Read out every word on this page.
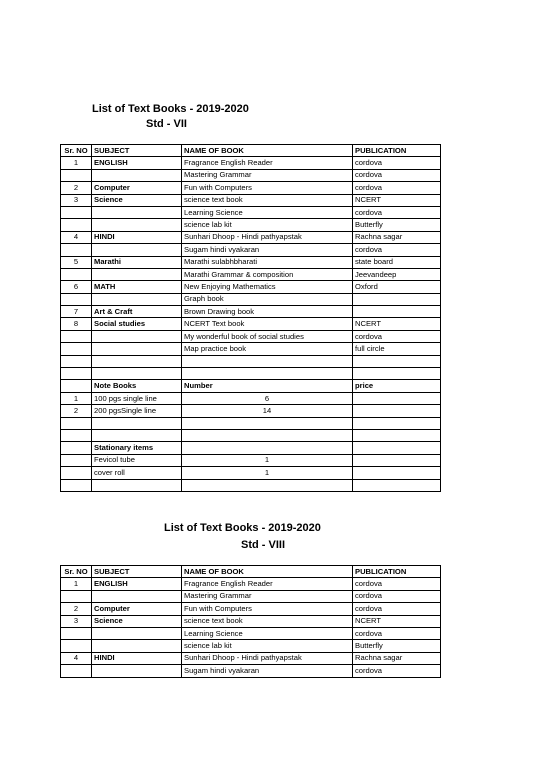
List of Text Books - 2019-2020
Std - VII
Sr. NO	SUBJECT	NAME OF BOOK	PUBLICATION
1	ENGLISH	Fragrance English Reader	cordova
		Mastering Grammar	cordova
2	Computer	Fun with Computers	cordova
3	Science	science text book	NCERT
		Learning Science	cordova
		science lab kit	Butterfly
4	HINDI	Sunhari Dhoop - Hindi pathyapstak	Rachna sagar
		Sugam hindi vyakaran	cordova
5	Marathi	Marathi sulabhbharati	state board
		Marathi Grammar & composition	Jeevandeep
6	MATH	New Enjoying Mathematics	Oxford
		Graph book	
7	Art & Craft	Brown Drawing book	
8	Social studies	NCERT Text book	NCERT
		My wonderful book of social studies	cordova
		Map practice book	full circle

	Note Books	Number	price
1	100 pgs single line	6	
2	200 pgsSingle line	14	

	Stationary items		
	Fevicol tube	1	
	cover roll	1	

List of Text Books - 2019-2020
Std - VIII
Sr. NO	SUBJECT	NAME OF BOOK	PUBLICATION
1	ENGLISH	Fragrance English Reader	cordova
		Mastering Grammar	cordova
2	Computer	Fun with Computers	cordova
3	Science	science text book	NCERT
		Learning Science	cordova
		science lab kit	Butterfly
4	HINDI	Sunhari Dhoop - Hindi pathyapstak	Rachna sagar
		Sugam hindi vyakaran	cordova
